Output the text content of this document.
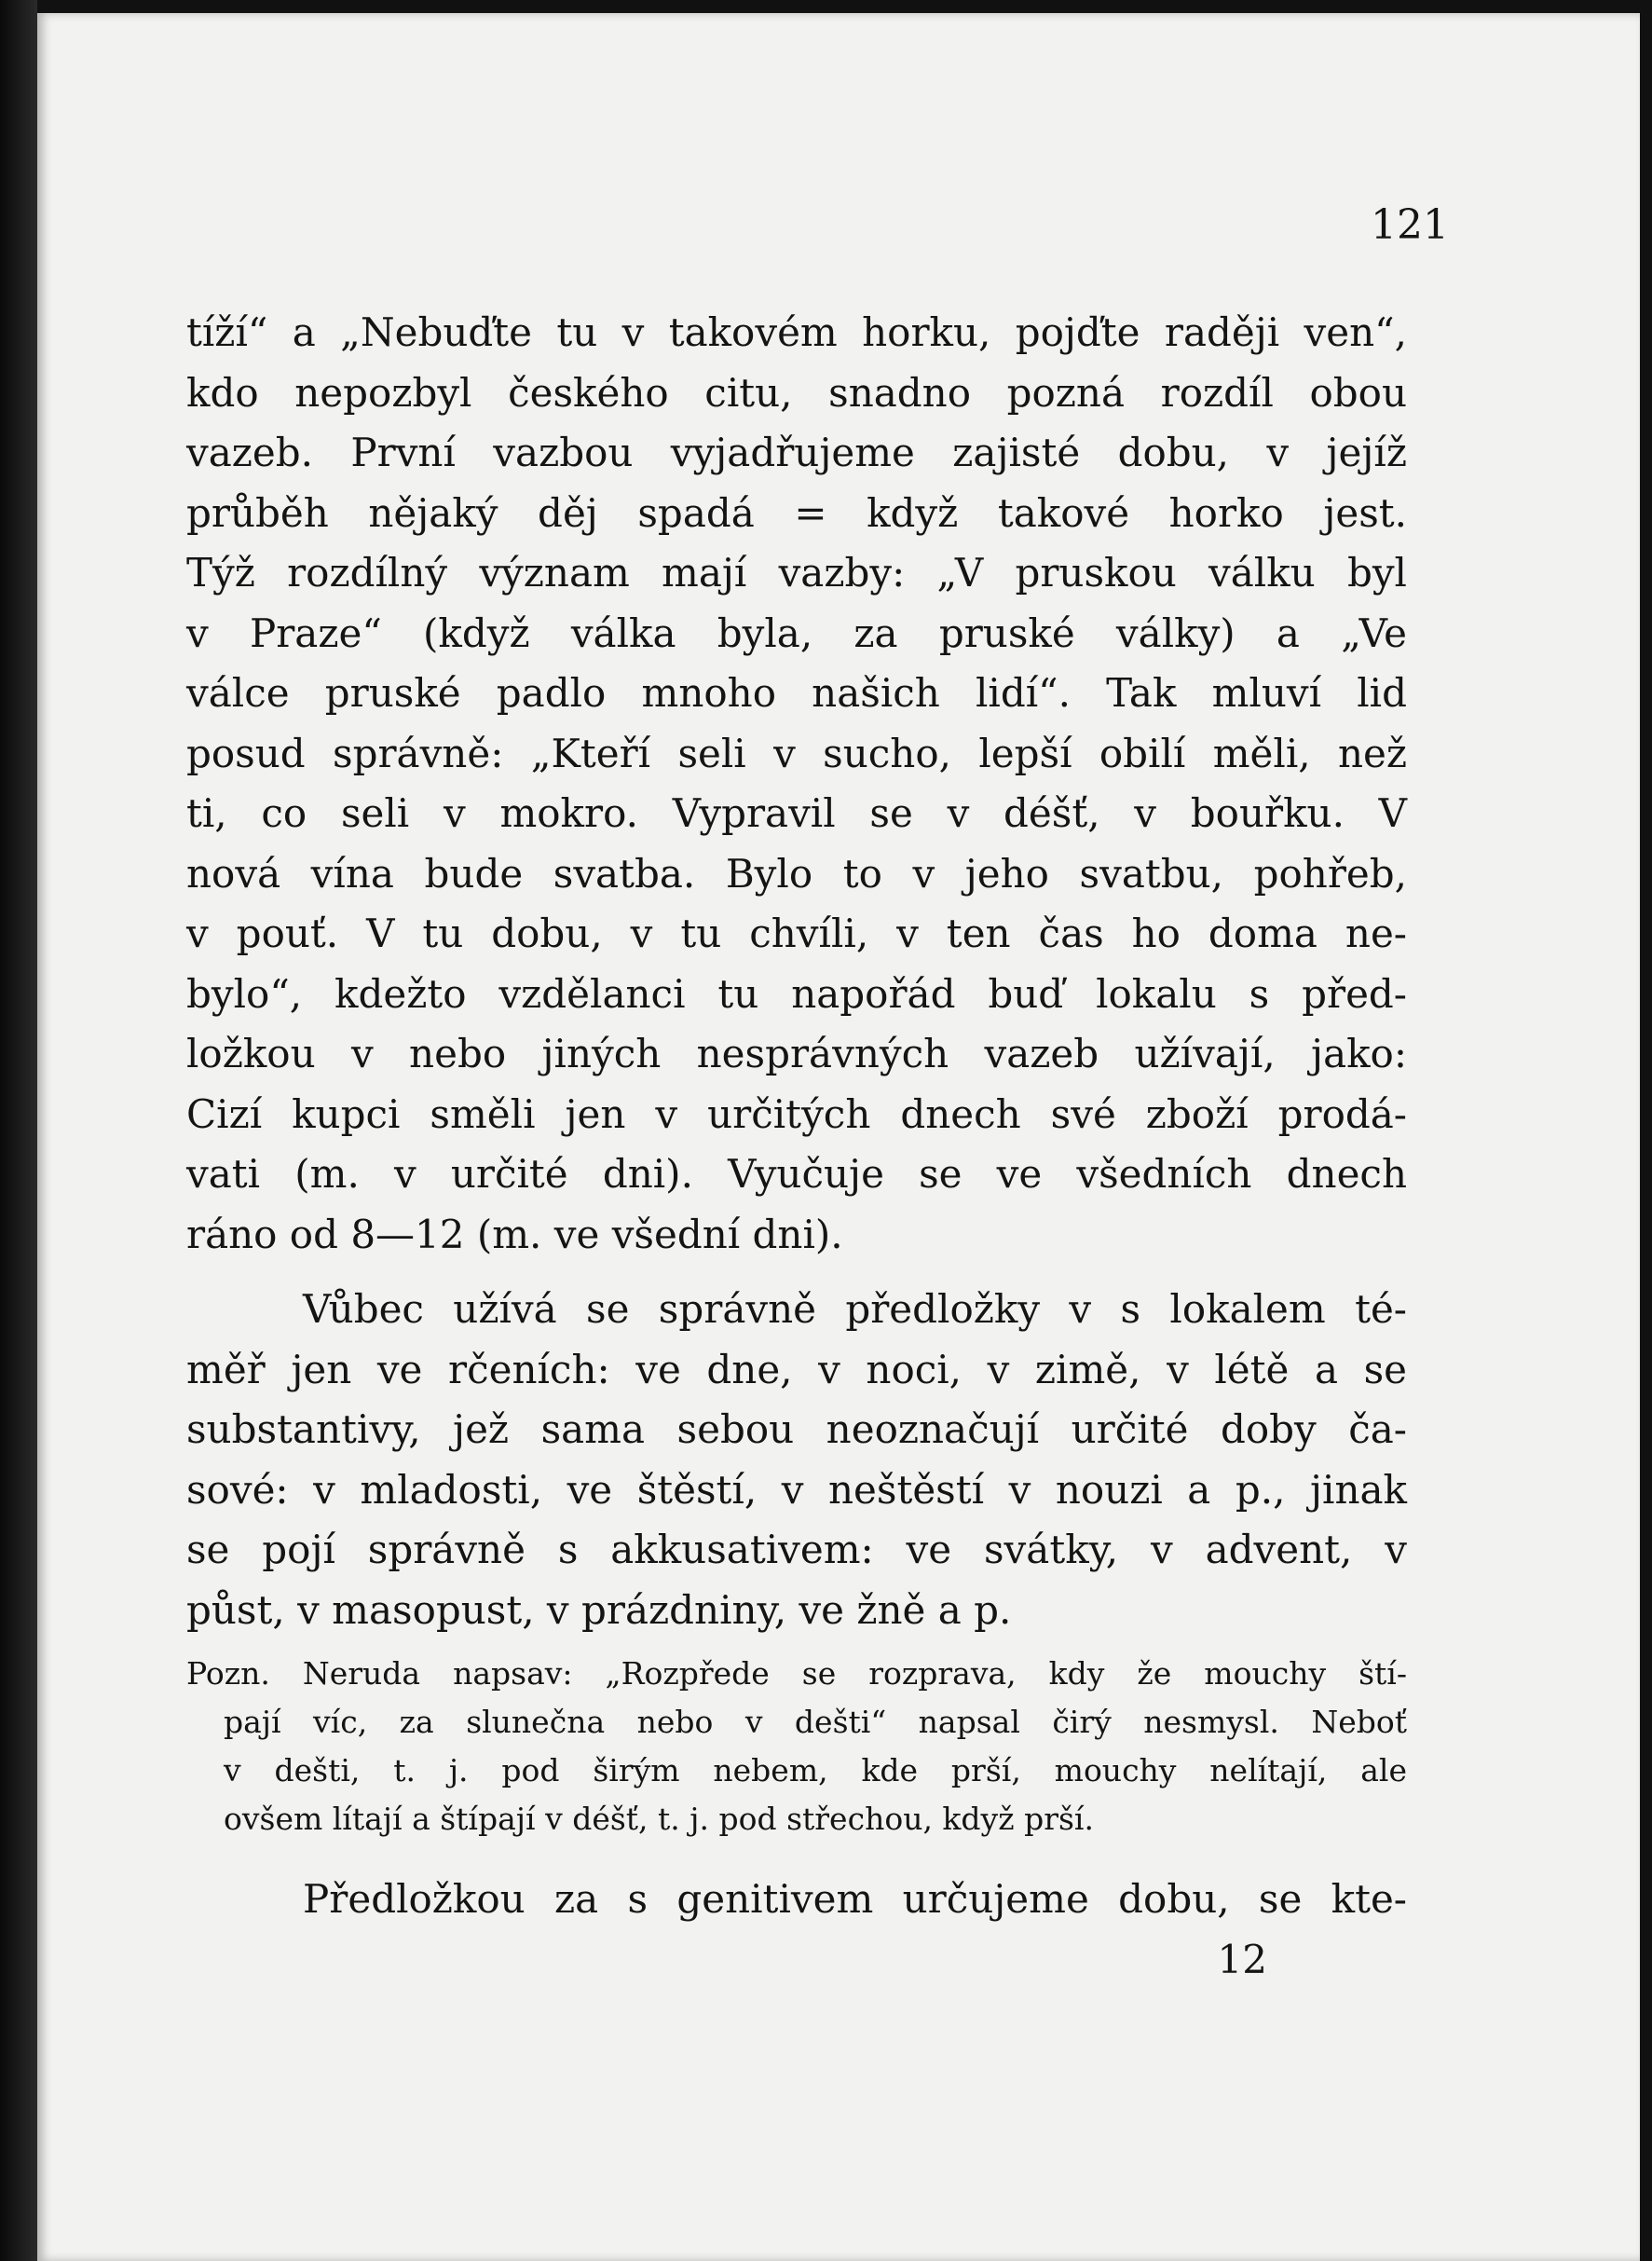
121
tíží“ a „Nebuďte tu v takovém horku, pojďte raději ven“,
kdo nepozbyl českého citu, snadno pozná rozdíl obou
vazeb. První vazbou vyjadřujeme zajisté dobu, v jejíž
průběh nějaký děj spadá = když takové horko jest.
Týž rozdílný význam mají vazby: „V pruskou válku byl
v Praze“ (když válka byla, za pruské války) a „Ve
válce pruské padlo mnoho našich lidí“. Tak mluví lid
posud správně: „Kteří seli v sucho, lepší obilí měli, než
ti, co seli v mokro. Vypravil se v déšť, v bouřku. V
nová vína bude svatba. Bylo to v jeho svatbu, pohřeb,
v pouť. V tu dobu, v tu chvíli, v ten čas ho doma ne-
bylo“, kdežto vzdělanci tu napořád buď lokalu s před-
ložkou v nebo jiných nesprávných vazeb užívají, jako:
Cizí kupci směli jen v určitých dnech své zboží prodá-
vati (m. v určité dni). Vyučuje se ve všedních dnech
ráno od 8—12 (m. ve všední dni).
Vůbec užívá se správně předložky v s lokalem té-
měř jen ve rčeních: ve dne, v noci, v zimě, v létě a se
substantivy, jež sama sebou neoznačují určité doby ča-
sové: v mladosti, ve štěstí, v neštěstí v nouzi a p., jinak
se pojí správně s akkusativem: ve svátky, v advent, v
půst, v masopust, v prázdniny, ve žně a p.
Pozn. Neruda napsav: „Rozpřede se rozprava, kdy že mouchy ští-
pají víc, za slunečna nebo v dešti“ napsal čirý nesmysl. Neboť
v dešti, t. j. pod širým nebem, kde prší, mouchy nelítají, ale
ovšem lítají a štípají v déšť, t. j. pod střechou, když prší.
Předložkou za s genitivem určujeme dobu, se kte-
12
